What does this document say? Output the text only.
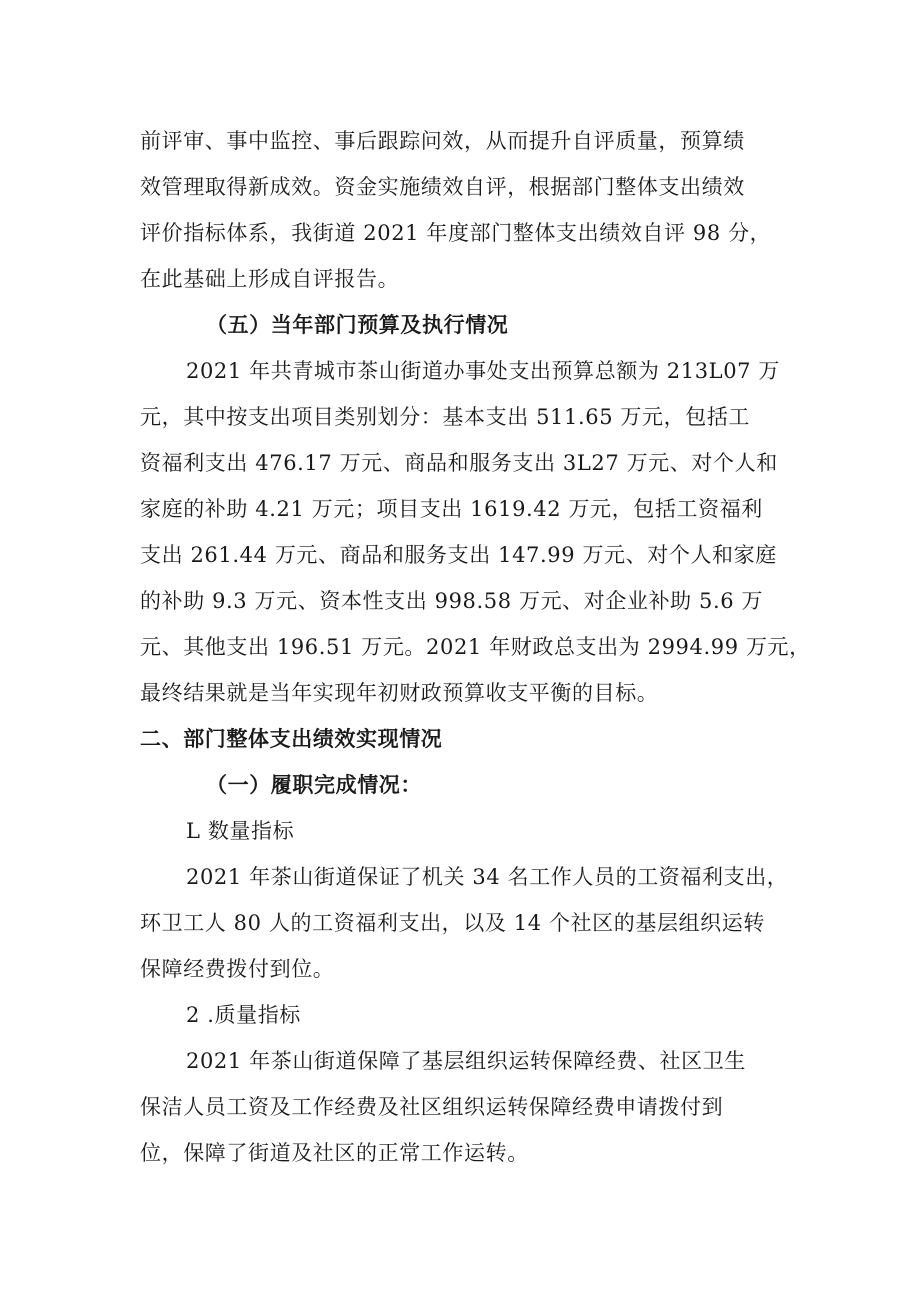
前评审、事中监控、事后跟踪问效，从而提升自评质量，预算绩
效管理取得新成效。资金实施绩效自评，根据部门整体支出绩效
评价指标体系，我街道 2021 年度部门整体支出绩效自评 98 分，
在此基础上形成自评报告。
（五）当年部门预算及执行情况
2021 年共青城市茶山街道办事处支出预算总额为 213L07 万
元，其中按支出项目类别划分：基本支出 511.65 万元，包括工
资福利支出 476.17 万元、商品和服务支出 3L27 万元、对个人和
家庭的补助 4.21 万元；项目支出 1619.42 万元，包括工资福利
支出 261.44 万元、商品和服务支出 147.99 万元、对个人和家庭
的补助 9.3 万元、资本性支出 998.58 万元、对企业补助 5.6 万
元、其他支出 196.51 万元。2021 年财政总支出为 2994.99 万元，
最终结果就是当年实现年初财政预算收支平衡的目标。
二、部门整体支出绩效实现情况
（一）履职完成情况：
L 数量指标
2021 年茶山街道保证了机关 34 名工作人员的工资福利支出，
环卫工人 80 人的工资福利支出，以及 14 个社区的基层组织运转
保障经费拨付到位。
2 .质量指标
2021 年茶山街道保障了基层组织运转保障经费、社区卫生
保洁人员工资及工作经费及社区组织运转保障经费申请拨付到
位，保障了街道及社区的正常工作运转。
